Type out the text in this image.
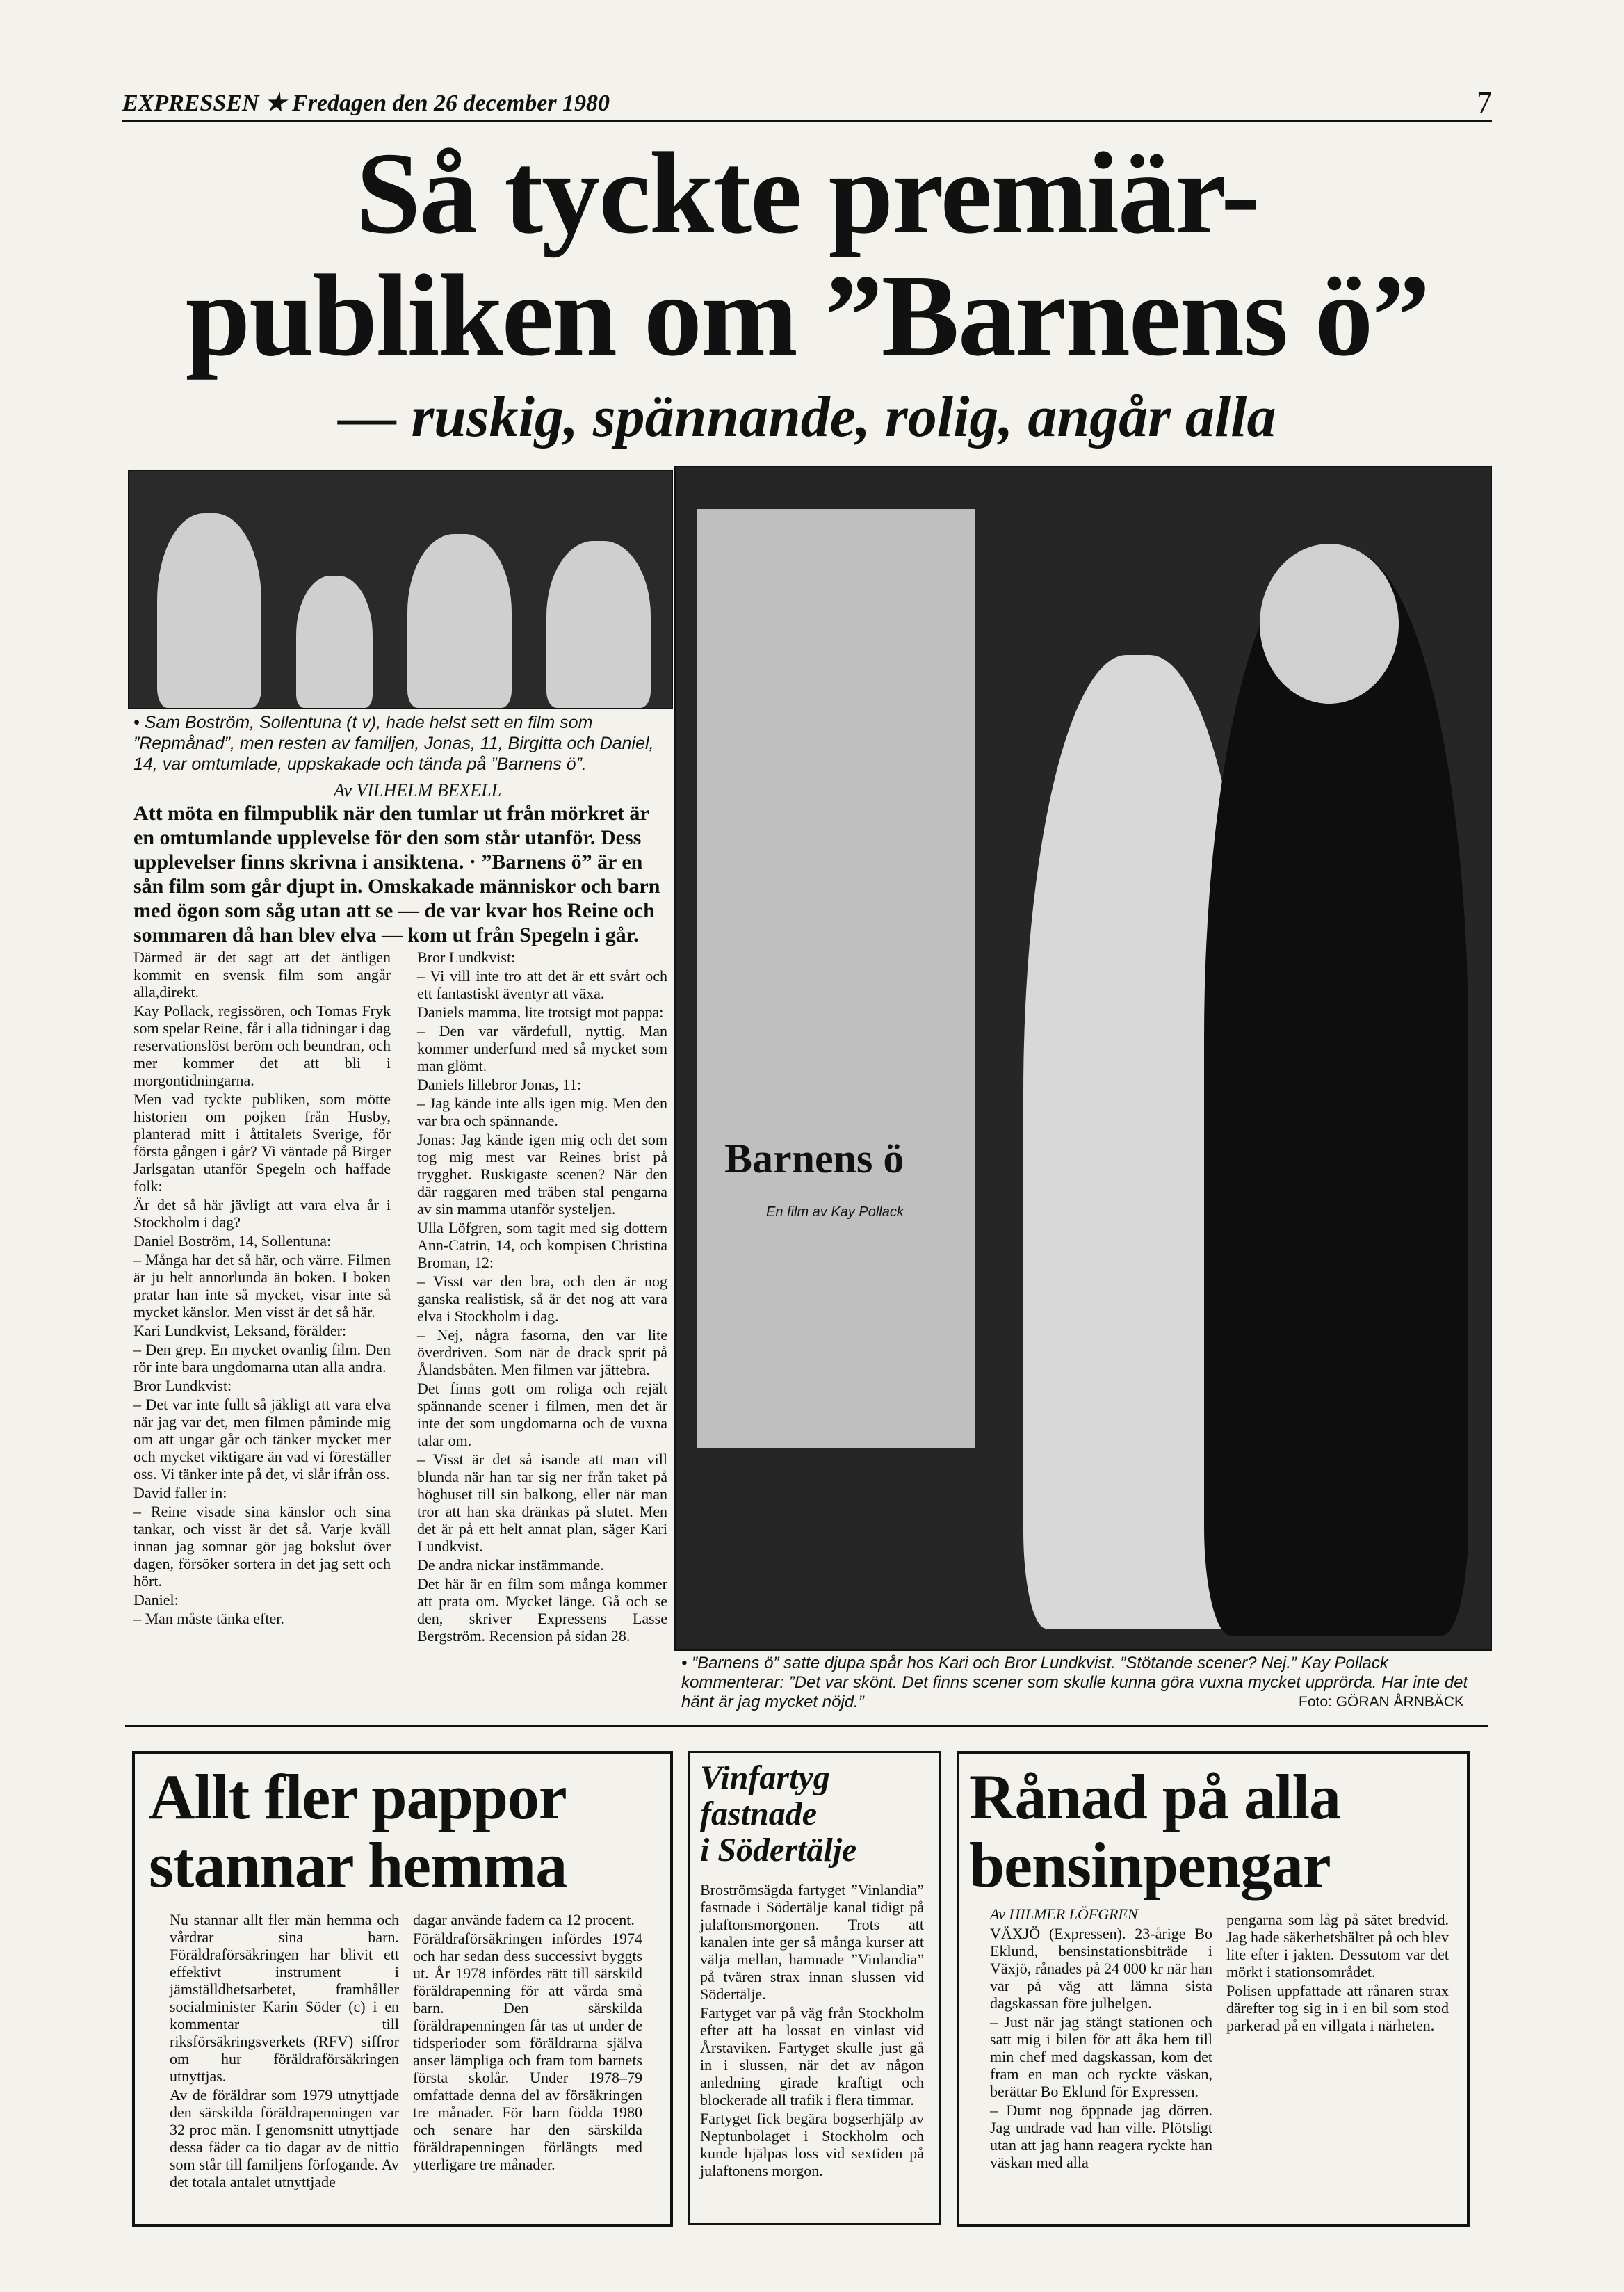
EXPRESSEN ★ Fredagen den 26 december 1980	7
Så tyckte premiär-
publiken om ”Barnens ö”
— ruskig, spännande, rolig, angår alla
• Sam Boström, Sollentuna (t v), hade helst sett en film som ”Repmånad”, men resten av familjen, Jonas, 11, Birgitta och Daniel, 14, var omtumlade, uppskakade och tända på ”Barnens ö”.
Av VILHELM BEXELL
Att möta en filmpublik när den tumlar ut från mörkret är en omtumlande upplevelse för den som står utanför. Dess upplevelser finns skrivna i ansiktena. · ”Barnens ö” är en sån film som går djupt in. Omskakade människor och barn med ögon som såg utan att se — de var kvar hos Reine och sommaren då han blev elva — kom ut från Spegeln i går.

Därmed är det sagt att det äntligen kommit en svensk film som angår alla,direkt.

Kay Pollack, regissören, och Tomas Fryk som spelar Reine, får i alla tidningar i dag reservationslöst beröm och beundran, och mer kommer det att bli i morgontidningarna.

Men vad tyckte publiken, som mötte historien om pojken från Husby, planterad mitt i åttitalets Sverige, för första gången i går? Vi väntade på Birger Jarlsgatan utanför Spegeln och haffade folk:

Är det så här jävligt att vara elva år i Stockholm i dag?

Daniel Boström, 14, Sollentuna:

– Många har det så här, och värre. Filmen är ju helt annorlunda än boken. I boken pratar han inte så mycket, visar inte så mycket känslor. Men visst är det så här.

Kari Lundkvist, Leksand, förälder:

– Den grep. En mycket ovanlig film. Den rör inte bara ungdomarna utan alla andra.

Bror Lundkvist:

– Det var inte fullt så jäkligt att vara elva när jag var det, men filmen påminde mig om att ungar går och tänker mycket mer och mycket viktigare än vad vi föreställer oss. Vi tänker inte på det, vi slår ifrån oss.

David faller in:

– Reine visade sina känslor och sina tankar, och visst är det så. Varje kväll innan jag somnar gör jag bokslut över dagen, försöker sortera in det jag sett och hört.

Daniel:

– Man måste tänka efter.

Bror Lundkvist:

– Vi vill inte tro att det är ett svårt och ett fantastiskt äventyr att växa.

Daniels mamma, lite trotsigt mot pappa:

– Den var värdefull, nyttig. Man kommer underfund med så mycket som man glömt.

Daniels lillebror Jonas, 11:

– Jag kände inte alls igen mig. Men den var bra och spännande.

Jonas: Jag kände igen mig och det som tog mig mest var Reines brist på trygghet. Ruskigaste scenen? När den där raggaren med träben stal pengarna av sin mamma utanför systeljen.

Ulla Löfgren, som tagit med sig dottern Ann-Catrin, 14, och kompisen Christina Broman, 12:

– Visst var den bra, och den är nog ganska realistisk, så är det nog att vara elva i Stockholm i dag.

– Nej, några fasorna, den var lite överdriven. Som när de drack sprit på Ålandsbåten. Men filmen var jättebra.

Det finns gott om roliga och rejält spännande scener i filmen, men det är inte det som ungdomarna och de vuxna talar om.

– Visst är det så isande att man vill blunda när han tar sig ner från taket på höghuset till sin balkong, eller när man tror att han ska dränkas på slutet. Men det är på ett helt annat plan, säger Kari Lundkvist.

De andra nickar instämmande.

Det här är en film som många kommer att prata om. Mycket länge. Gå och se den, skriver Expressens Lasse Bergström. Recension på sidan 28.

Barnens ö
En film av Kay Pollack
• ”Barnens ö” satte djupa spår hos Kari och Bror Lundkvist. ”Stötande scener? Nej.” Kay Pollack kommenterar: ”Det var skönt. Det finns scener som skulle kunna göra vuxna mycket upprörda. Har inte det hänt är jag mycket nöjd.”	Foto: GÖRAN ÅRNBÄCK
Allt fler pappor
stannar hemma

Nu stannar allt fler män hemma och vårdrar sina barn. Föräldraförsäkringen har blivit ett effektivt instrument i jämställdhetsarbetet, framhåller socialminister Karin Söder (c) i en kommentar till riksförsäkringsverkets (RFV) siffror om hur föräldraförsäkringen utnyttjas.

Av de föräldrar som 1979 utnyttjade den särskilda föräldrapenningen var 32 proc män. I genomsnitt utnyttjade dessa fäder ca tio dagar av de nittio som står till familjens förfogande. Av det totala antalet utnyttjade

dagar använde fadern ca 12 procent.

Föräldraförsäkringen infördes 1974 och har sedan dess successivt byggts ut. År 1978 infördes rätt till särskild föräldrapenning för att vårda små barn. Den särskilda föräldrapenningen får tas ut under de tidsperioder som föräldrarna själva anser lämpliga och fram tom barnets första skolår. Under 1978–79 omfattade denna del av försäkringen tre månader. För barn födda 1980 och senare har den särskilda föräldrapenningen förlängts med ytterligare tre månader.

Vinfartyg
fastnade
i Södertälje

Broströmsägda fartyget ”Vinlandia” fastnade i Södertälje kanal tidigt på julaftonsmorgonen. Trots att kanalen inte ger så många kurser att välja mellan, hamnade ”Vinlandia” på tvären strax innan slussen vid Södertälje.

Fartyget var på väg från Stockholm efter att ha lossat en vinlast vid Årstaviken. Fartyget skulle just gå in i slussen, när det av någon anledning girade kraftigt och blockerade all trafik i flera timmar.

Fartyget fick begära bogserhjälp av Neptunbolaget i Stockholm och kunde hjälpas loss vid sextiden på julaftonens morgon.

Rånad på alla
bensinpengar
Av HILMER LÖFGREN

VÄXJÖ (Expressen). 23-årige Bo Eklund, bensinstationsbiträde i Växjö, rånades på 24 000 kr när han var på väg att lämna sista dagskassan före julhelgen.

– Just när jag stängt stationen och satt mig i bilen för att åka hem till min chef med dagskassan, kom det fram en man och ryckte väskan, berättar Bo Eklund för Expressen.

– Dumt nog öppnade jag dörren. Jag undrade vad han ville. Plötsligt utan att jag hann reagera ryckte han väskan med alla

pengarna som låg på sätet bredvid. Jag hade säkerhetsbältet på och blev lite efter i jakten. Dessutom var det mörkt i stationsområdet.

Polisen uppfattade att rånaren strax därefter tog sig in i en bil som stod parkerad på en villgata i närheten.
